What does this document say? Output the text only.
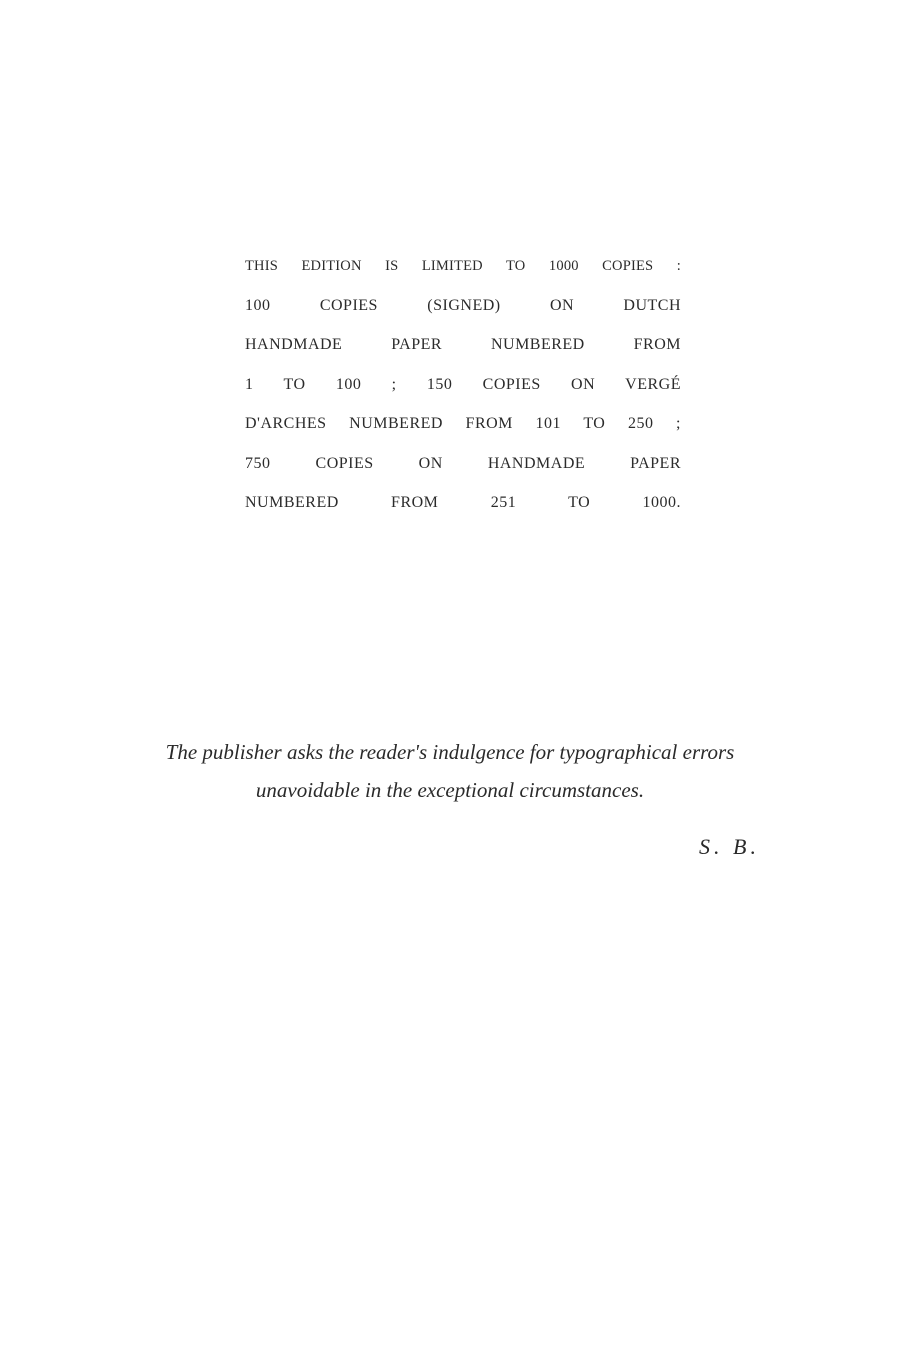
THIS EDITION IS LIMITED TO 1000 COPIES :
100 COPIES (SIGNED) ON DUTCH
HANDMADE PAPER NUMBERED FROM
1 TO 100 ; 150 COPIES ON VERGÉ
D'ARCHES NUMBERED FROM 101 TO 250 ;
750 COPIES ON HANDMADE PAPER
NUMBERED FROM 251 TO 1000.
The publisher asks the reader's indulgence for typographical errors
unavoidable in the exceptional circumstances.
S. B.
